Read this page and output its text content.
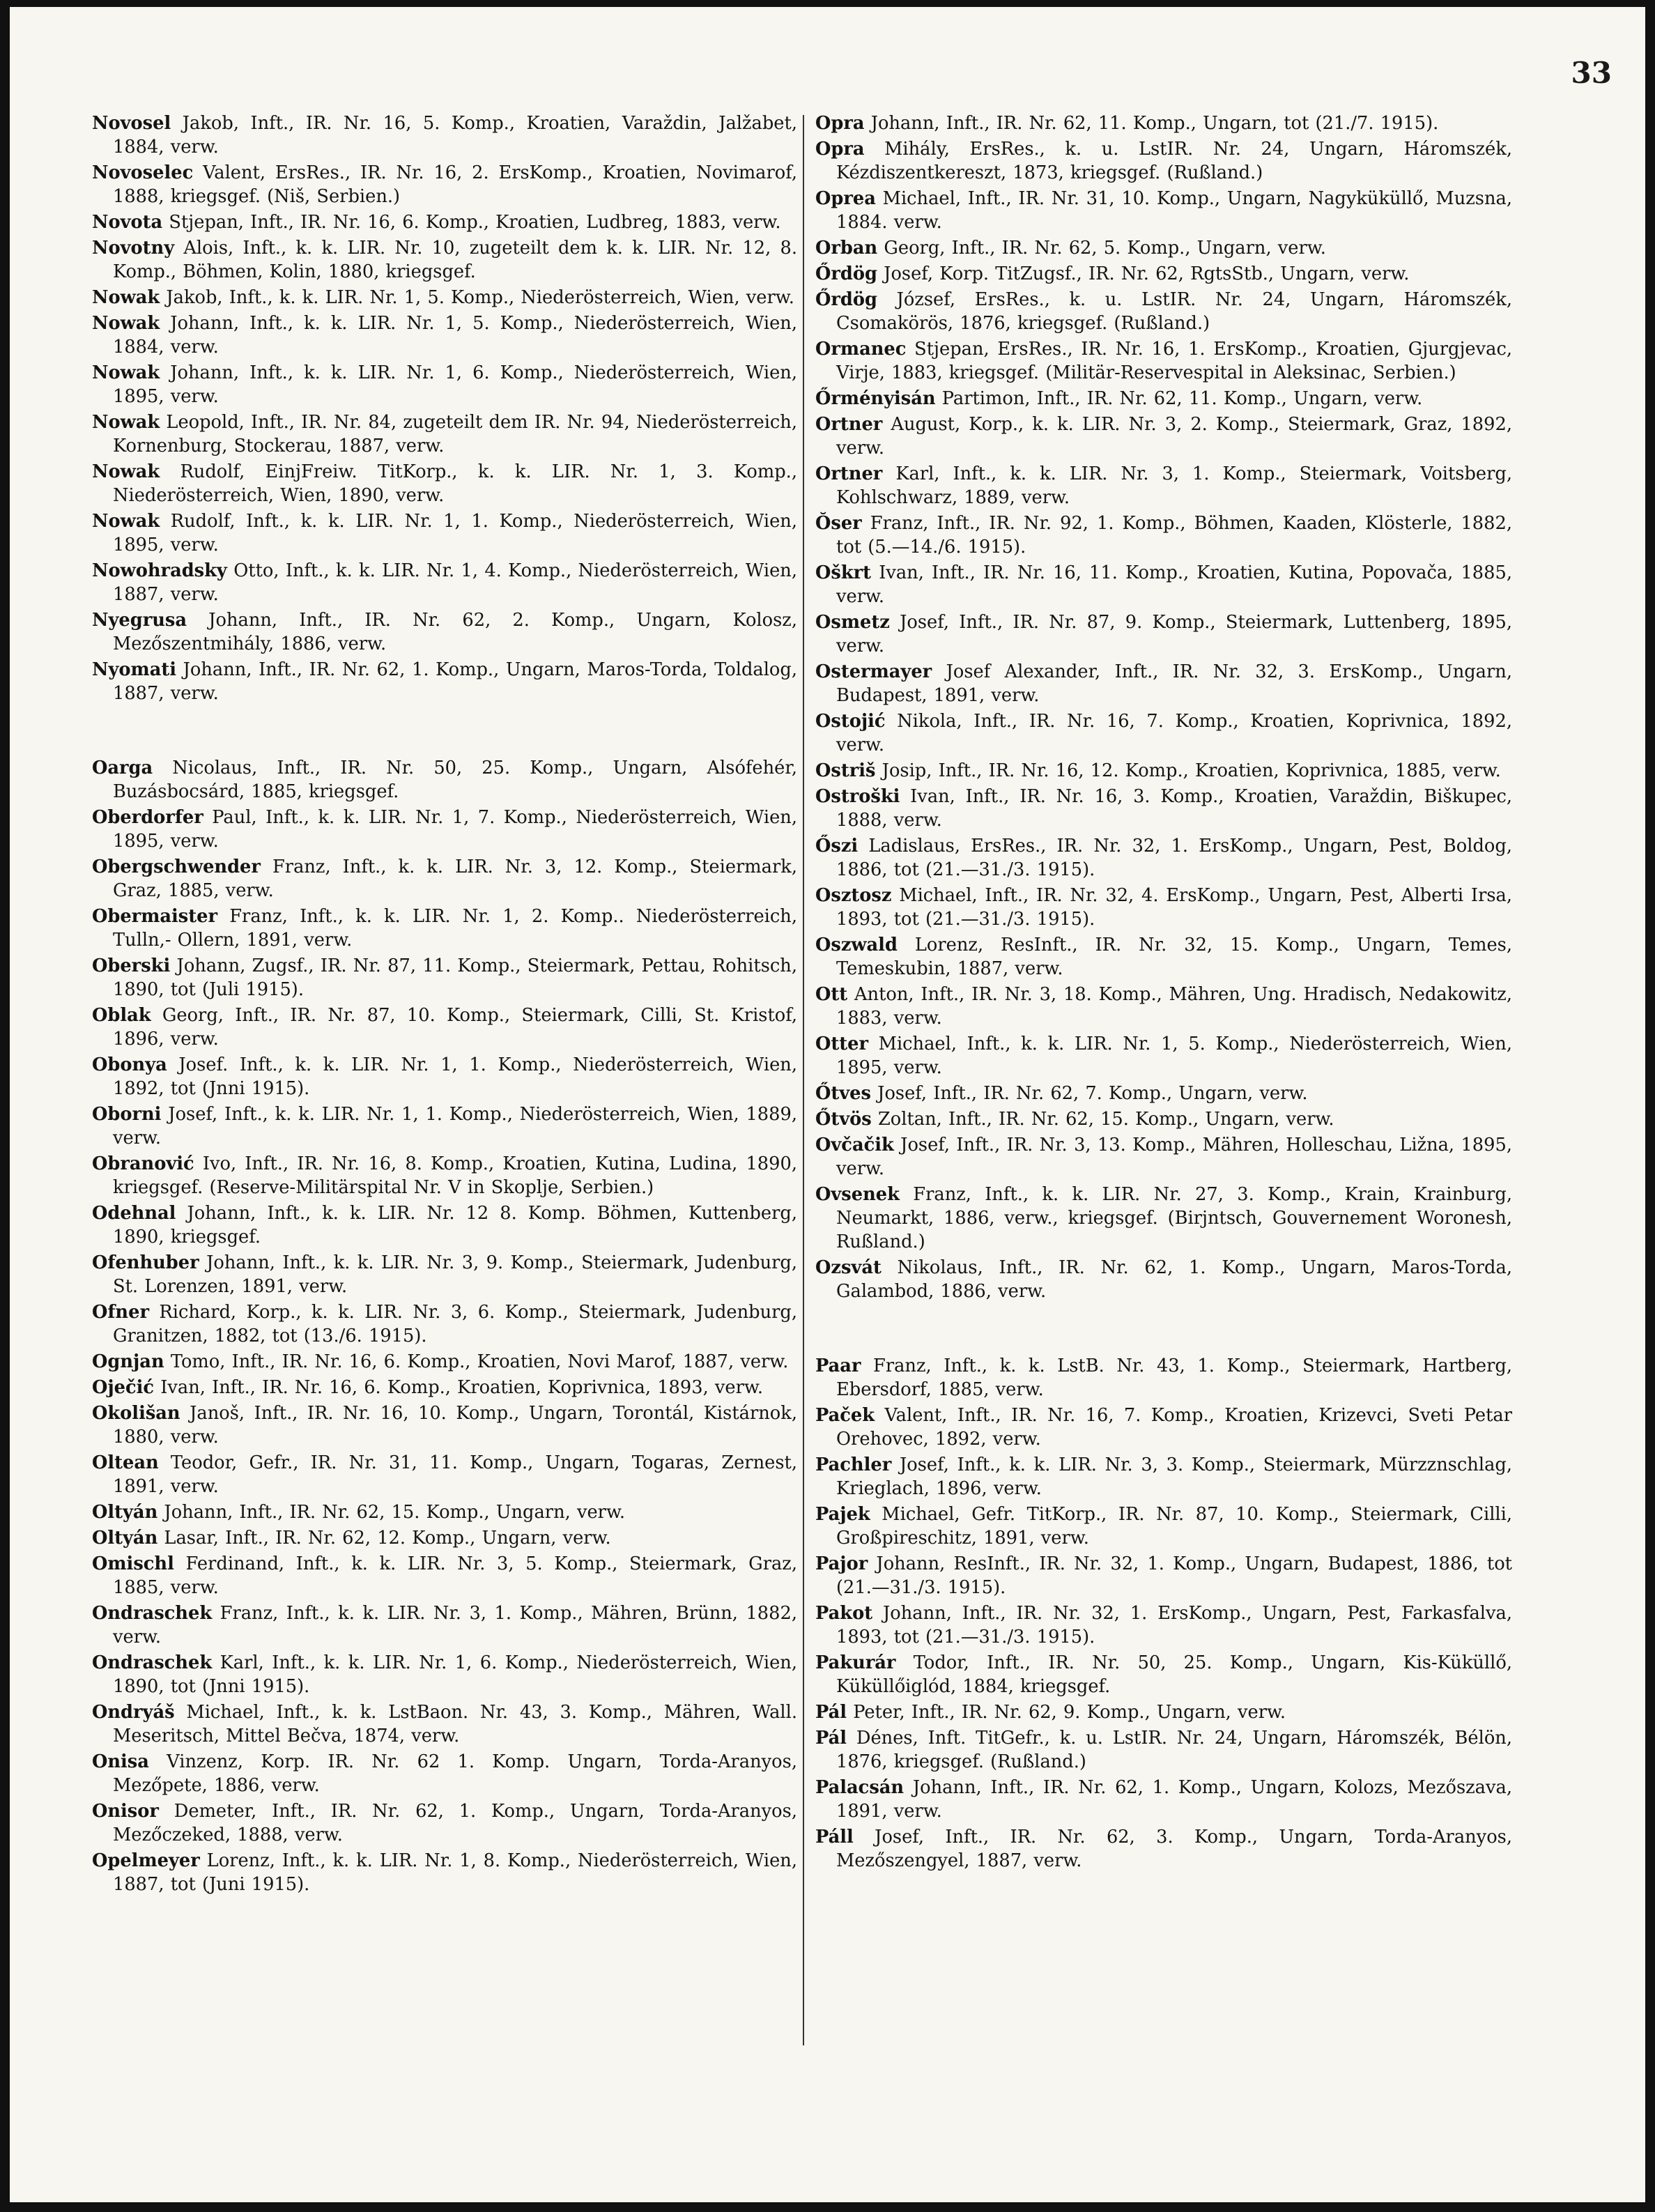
33

Novosel Jakob, Inft., IR. Nr. 16, 5. Komp., Kroatien, Varaždin, Jalžabet, 1884, verw.

Novoselec Valent, ErsRes., IR. Nr. 16, 2. ErsKomp., Kroatien, Novimarof, 1888, kriegsgef. (Niš, Serbien.)

Novota Stjepan, Inft., IR. Nr. 16, 6. Komp., Kroatien, Ludbreg, 1883, verw.

Novotny Alois, Inft., k. k. LIR. Nr. 10, zugeteilt dem k. k. LIR. Nr. 12, 8. Komp., Böhmen, Kolin, 1880, kriegsgef.

Nowak Jakob, Inft., k. k. LIR. Nr. 1, 5. Komp., Niederösterreich, Wien, verw.

Nowak Johann, Inft., k. k. LIR. Nr. 1, 5. Komp., Niederösterreich, Wien, 1884, verw.

Nowak Johann, Inft., k. k. LIR. Nr. 1, 6. Komp., Niederösterreich, Wien, 1895, verw.

Nowak Leopold, Inft., IR. Nr. 84, zugeteilt dem IR. Nr. 94, Niederösterreich, Kornenburg, Stockerau, 1887, verw.

Nowak Rudolf, EinjFreiw. TitKorp., k. k. LIR. Nr. 1, 3. Komp., Niederösterreich, Wien, 1890, verw.

Nowak Rudolf, Inft., k. k. LIR. Nr. 1, 1. Komp., Niederösterreich, Wien, 1895, verw.

Nowohradsky Otto, Inft., k. k. LIR. Nr. 1, 4. Komp., Niederösterreich, Wien, 1887, verw.

Nyegrusa Johann, Inft., IR. Nr. 62, 2. Komp., Ungarn, Kolosz, Mezőszentmihály, 1886, verw.

Nyomati Johann, Inft., IR. Nr. 62, 1. Komp., Ungarn, Maros-Torda, Toldalog, 1887, verw.

Oarga Nicolaus, Inft., IR. Nr. 50, 25. Komp., Ungarn, Alsófehér, Buzásbocsárd, 1885, kriegsgef.

Oberdorfer Paul, Inft., k. k. LIR. Nr. 1, 7. Komp., Niederösterreich, Wien, 1895, verw.

Obergschwender Franz, Inft., k. k. LIR. Nr. 3, 12. Komp., Steiermark, Graz, 1885, verw.

Obermaister Franz, Inft., k. k. LIR. Nr. 1, 2. Komp.. Niederösterreich, Tulln,- Ollern, 1891, verw.

Oberski Johann, Zugsf., IR. Nr. 87, 11. Komp., Steiermark, Pettau, Rohitsch, 1890, tot (Juli 1915).

Oblak Georg, Inft., IR. Nr. 87, 10. Komp., Steiermark, Cilli, St. Kristof, 1896, verw.

Obonya Josef. Inft., k. k. LIR. Nr. 1, 1. Komp., Niederösterreich, Wien, 1892, tot (Jnni 1915).

Oborni Josef, Inft., k. k. LIR. Nr. 1, 1. Komp., Niederösterreich, Wien, 1889, verw.

Obranović Ivo, Inft., IR. Nr. 16, 8. Komp., Kroatien, Kutina, Ludina, 1890, kriegsgef. (Reserve-Militärspital Nr. V in Skoplje, Serbien.)

Odehnal Johann, Inft., k. k. LIR. Nr. 12 8. Komp. Böhmen, Kuttenberg, 1890, kriegsgef.

Ofenhuber Johann, Inft., k. k. LIR. Nr. 3, 9. Komp., Steiermark, Judenburg, St. Lorenzen, 1891, verw.

Ofner Richard, Korp., k. k. LIR. Nr. 3, 6. Komp., Steiermark, Judenburg, Granitzen, 1882, tot (13./6. 1915).

Ognjan Tomo, Inft., IR. Nr. 16, 6. Komp., Kroatien, Novi Marof, 1887, verw.

Oječić Ivan, Inft., IR. Nr. 16, 6. Komp., Kroatien, Koprivnica, 1893, verw.

Okolišan Janoš, Inft., IR. Nr. 16, 10. Komp., Ungarn, Torontál, Kistárnok, 1880, verw.

Oltean Teodor, Gefr., IR. Nr. 31, 11. Komp., Ungarn, Togaras, Zernest, 1891, verw.

Oltyán Johann, Inft., IR. Nr. 62, 15. Komp., Ungarn, verw.

Oltyán Lasar, Inft., IR. Nr. 62, 12. Komp., Ungarn, verw.

Omischl Ferdinand, Inft., k. k. LIR. Nr. 3, 5. Komp., Steiermark, Graz, 1885, verw.

Ondraschek Franz, Inft., k. k. LIR. Nr. 3, 1. Komp., Mähren, Brünn, 1882, verw.

Ondraschek Karl, Inft., k. k. LIR. Nr. 1, 6. Komp., Niederösterreich, Wien, 1890, tot (Jnni 1915).

Ondryáš Michael, Inft., k. k. LstBaon. Nr. 43, 3. Komp., Mähren, Wall. Meseritsch, Mittel Bečva, 1874, verw.

Onisa Vinzenz, Korp. IR. Nr. 62 1. Komp. Ungarn, Torda-Aranyos, Mezőpete, 1886, verw.

Onisor Demeter, Inft., IR. Nr. 62, 1. Komp., Ungarn, Torda-Aranyos, Mezőczeked, 1888, verw.

Opelmeyer Lorenz, Inft., k. k. LIR. Nr. 1, 8. Komp., Niederösterreich, Wien, 1887, tot (Juni 1915).

Opra Johann, Inft., IR. Nr. 62, 11. Komp., Ungarn, tot (21./7. 1915).

Opra Mihály, ErsRes., k. u. LstIR. Nr. 24, Ungarn, Háromszék, Kézdiszentkereszt, 1873, kriegsgef. (Rußland.)

Oprea Michael, Inft., IR. Nr. 31, 10. Komp., Ungarn, Nagyküküllő, Muzsna, 1884. verw.

Orban Georg, Inft., IR. Nr. 62, 5. Komp., Ungarn, verw.

Őrdög Josef, Korp. TitZugsf., IR. Nr. 62, RgtsStb., Ungarn, verw.

Őrdög József, ErsRes., k. u. LstIR. Nr. 24, Ungarn, Háromszék, Csomakörös, 1876, kriegsgef. (Rußland.)

Ormanec Stjepan, ErsRes., IR. Nr. 16, 1. ErsKomp., Kroatien, Gjurgjevac, Virje, 1883, kriegsgef. (Militär-Reservespital in Aleksinac, Serbien.)

Őrményisán Partimon, Inft., IR. Nr. 62, 11. Komp., Ungarn, verw.

Ortner August, Korp., k. k. LIR. Nr. 3, 2. Komp., Steiermark, Graz, 1892, verw.

Ortner Karl, Inft., k. k. LIR. Nr. 3, 1. Komp., Steiermark, Voitsberg, Kohlschwarz, 1889, verw.

Ŏser Franz, Inft., IR. Nr. 92, 1. Komp., Böhmen, Kaaden, Klösterle, 1882, tot (5.—14./6. 1915).

Oškrt Ivan, Inft., IR. Nr. 16, 11. Komp., Kroatien, Kutina, Popovača, 1885, verw.

Osmetz Josef, Inft., IR. Nr. 87, 9. Komp., Steiermark, Luttenberg, 1895, verw.

Ostermayer Josef Alexander, Inft., IR. Nr. 32, 3. ErsKomp., Ungarn, Budapest, 1891, verw.

Ostojić Nikola, Inft., IR. Nr. 16, 7. Komp., Kroatien, Koprivnica, 1892, verw.

Ostriš Josip, Inft., IR. Nr. 16, 12. Komp., Kroatien, Koprivnica, 1885, verw.

Ostroški Ivan, Inft., IR. Nr. 16, 3. Komp., Kroatien, Varaždin, Biškupec, 1888, verw.

Őszi Ladislaus, ErsRes., IR. Nr. 32, 1. ErsKomp., Ungarn, Pest, Boldog, 1886, tot (21.—31./3. 1915).

Osztosz Michael, Inft., IR. Nr. 32, 4. ErsKomp., Ungarn, Pest, Alberti Irsa, 1893, tot (21.—31./3. 1915).

Oszwald Lorenz, ResInft., IR. Nr. 32, 15. Komp., Ungarn, Temes, Temeskubin, 1887, verw.

Ott Anton, Inft., IR. Nr. 3, 18. Komp., Mähren, Ung. Hradisch, Nedakowitz, 1883, verw.

Otter Michael, Inft., k. k. LIR. Nr. 1, 5. Komp., Niederösterreich, Wien, 1895, verw.

Őtves Josef, Inft., IR. Nr. 62, 7. Komp., Ungarn, verw.

Őtvös Zoltan, Inft., IR. Nr. 62, 15. Komp., Ungarn, verw.

Ovčačik Josef, Inft., IR. Nr. 3, 13. Komp., Mähren, Holleschau, Ližna, 1895, verw.

Ovsenek Franz, Inft., k. k. LIR. Nr. 27, 3. Komp., Krain, Krainburg, Neumarkt, 1886, verw., kriegsgef. (Birjntsch, Gouvernement Woronesh, Rußland.)

Ozsvát Nikolaus, Inft., IR. Nr. 62, 1. Komp., Ungarn, Maros-Torda, Galambod, 1886, verw.

Paar Franz, Inft., k. k. LstB. Nr. 43, 1. Komp., Steiermark, Hartberg, Ebersdorf, 1885, verw.

Paček Valent, Inft., IR. Nr. 16, 7. Komp., Kroatien, Krizevci, Sveti Petar Orehovec, 1892, verw.

Pachler Josef, Inft., k. k. LIR. Nr. 3, 3. Komp., Steiermark, Mürzznschlag, Krieglach, 1896, verw.

Pajek Michael, Gefr. TitKorp., IR. Nr. 87, 10. Komp., Steiermark, Cilli, Großpireschitz, 1891, verw.

Pajor Johann, ResInft., IR. Nr. 32, 1. Komp., Ungarn, Budapest, 1886, tot (21.—31./3. 1915).

Pakot Johann, Inft., IR. Nr. 32, 1. ErsKomp., Ungarn, Pest, Farkasfalva, 1893, tot (21.—31./3. 1915).

Pakurár Todor, Inft., IR. Nr. 50, 25. Komp., Ungarn, Kis-Küküllő, Küküllőiglód, 1884, kriegsgef.

Pál Peter, Inft., IR. Nr. 62, 9. Komp., Ungarn, verw.

Pál Dénes, Inft. TitGefr., k. u. LstIR. Nr. 24, Ungarn, Háromszék, Bélön, 1876, kriegsgef. (Rußland.)

Palacsán Johann, Inft., IR. Nr. 62, 1. Komp., Ungarn, Kolozs, Mezőszava, 1891, verw.

Páll Josef, Inft., IR. Nr. 62, 3. Komp., Ungarn, Torda-Aranyos, Mezőszengyel, 1887, verw.
